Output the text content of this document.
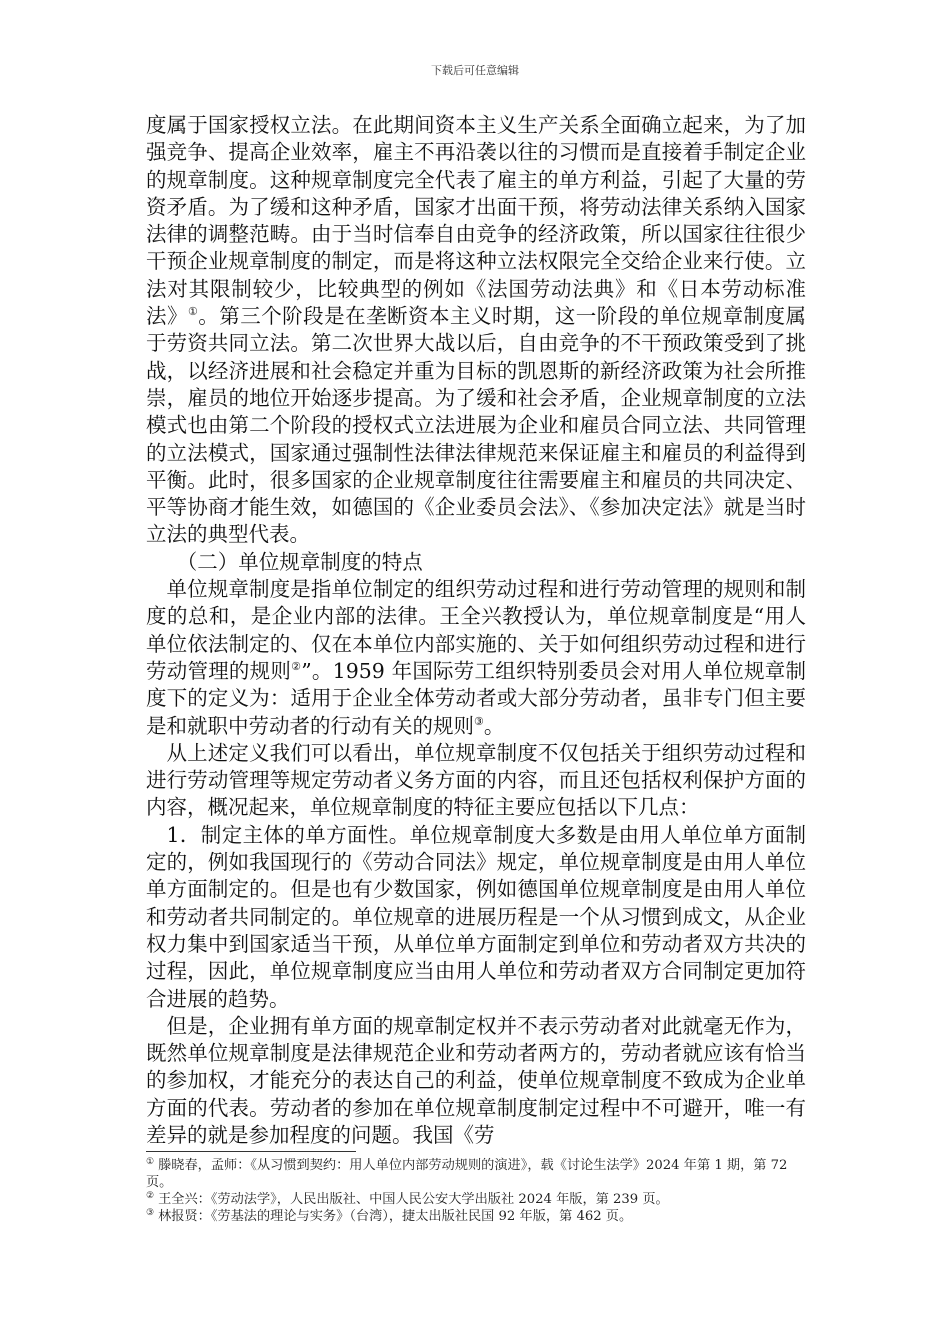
下载后可任意编辑

度属于国家授权立法。在此期间资本主义生产关系全面确立起来，为了加强竞争、提高企业效率，雇主不再沿袭以往的习惯而是直接着手制定企业的规章制度。这种规章制度完全代表了雇主的单方利益，引起了大量的劳资矛盾。为了缓和这种矛盾，国家才出面干预，将劳动法律关系纳入国家法律的调整范畴。由于当时信奉自由竞争的经济政策，所以国家往往很少干预企业规章制度的制定，而是将这种立法权限完全交给企业来行使。立法对其限制较少，比较典型的例如《法国劳动法典》和《日本劳动标准法》①。第三个阶段是在垄断资本主义时期，这一阶段的单位规章制度属于劳资共同立法。第二次世界大战以后，自由竞争的不干预政策受到了挑战，以经济进展和社会稳定并重为目标的凯恩斯的新经济政策为社会所推崇，雇员的地位开始逐步提高。为了缓和社会矛盾，企业规章制度的立法模式也由第二个阶段的授权式立法进展为企业和雇员合同立法、共同管理的立法模式，国家通过强制性法律法律规范来保证雇主和雇员的利益得到平衡。此时，很多国家的企业规章制度往往需要雇主和雇员的共同决定、平等协商才能生效，如德国的《企业委员会法》、《参加决定法》就是当时立法的典型代表。

（二）单位规章制度的特点

单位规章制度是指单位制定的组织劳动过程和进行劳动管理的规则和制度的总和，是企业内部的法律。王全兴教授认为，单位规章制度是“用人单位依法制定的、仅在本单位内部实施的、关于如何组织劳动过程和进行劳动管理的规则②”。1959 年国际劳工组织特别委员会对用人单位规章制度下的定义为：适用于企业全体劳动者或大部分劳动者，虽非专门但主要是和就职中劳动者的行动有关的规则③。

从上述定义我们可以看出，单位规章制度不仅包括关于组织劳动过程和进行劳动管理等规定劳动者义务方面的内容，而且还包括权利保护方面的内容，概况起来，单位规章制度的特征主要应包括以下几点：

1．制定主体的单方面性。单位规章制度大多数是由用人单位单方面制定的，例如我国现行的《劳动合同法》规定，单位规章制度是由用人单位单方面制定的。但是也有少数国家，例如德国单位规章制度是由用人单位和劳动者共同制定的。单位规章的进展历程是一个从习惯到成文，从企业权力集中到国家适当干预，从单位单方面制定到单位和劳动者双方共决的过程，因此，单位规章制度应当由用人单位和劳动者双方合同制定更加符合进展的趋势。

但是，企业拥有单方面的规章制定权并不表示劳动者对此就毫无作为，既然单位规章制度是法律规范企业和劳动者两方的，劳动者就应该有恰当的参加权，才能充分的表达自己的利益，使单位规章制度不致成为企业单方面的代表。劳动者的参加在单位规章制度制定过程中不可避开，唯一有差异的就是参加程度的问题。我国《劳

① 滕晓春，孟师：《从习惯到契约：用人单位内部劳动规则的演进》，载《讨论生法学》2024 年第 1 期，第 72 页。
② 王全兴：《劳动法学》，人民出版社、中国人民公安大学出版社 2024 年版，第 239 页。
③ 林报贤：《劳基法的理论与实务》（台湾），捷太出版社民国 92 年版，第 462 页。
